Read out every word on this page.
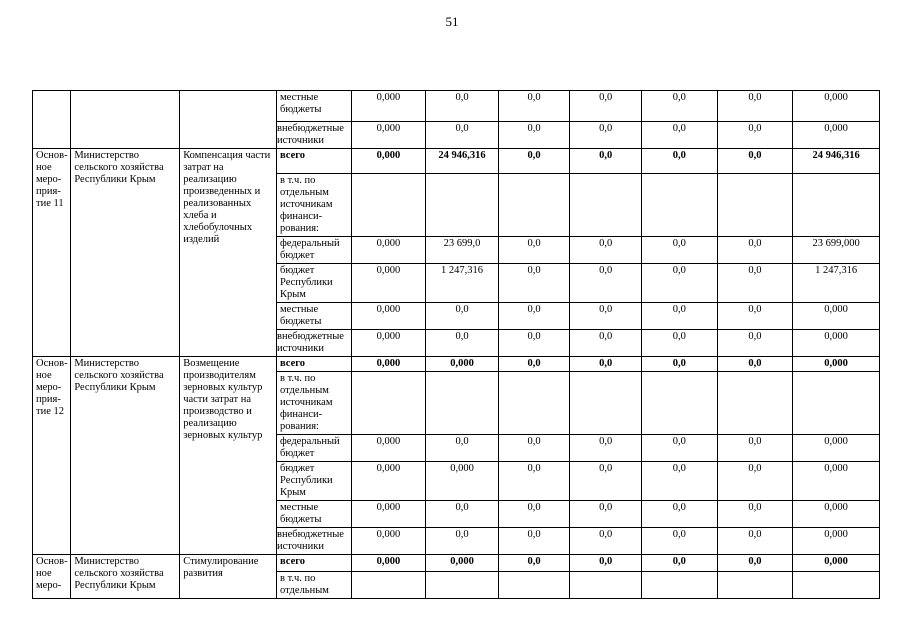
51
			местные бюджеты	0,000	0,0	0,0	0,0	0,0	0,0	0,000
			внебюджетные источники	0,000	0,0	0,0	0,0	0,0	0,0	0,000
Основ-ное меро-прия-тие 11	Министерство сельского хозяйства Республики Крым	Компенсация части затрат на реализацию произведенных и реализованных хлеба и хлебобулочных изделий	всего	0,000	24 946,316	0,0	0,0	0,0	0,0	24 946,316
			в т.ч. по отдельным источникам финанси-рования:							
			федеральный бюджет	0,000	23 699,0	0,0	0,0	0,0	0,0	23 699,000
			бюджет Республики Крым	0,000	1 247,316	0,0	0,0	0,0	0,0	1 247,316
			местные бюджеты	0,000	0,0	0,0	0,0	0,0	0,0	0,000
			внебюджетные источники	0,000	0,0	0,0	0,0	0,0	0,0	0,000
Основ-ное меро-прия-тие 12	Министерство сельского хозяйства Республики Крым	Возмещение производителям зерновых культур части затрат на производство и реализацию зерновых культур	всего	0,000	0,000	0,0	0,0	0,0	0,0	0,000
			в т.ч. по отдельным источникам финанси-рования:							
			федеральный бюджет	0,000	0,0	0,0	0,0	0,0	0,0	0,000
			бюджет Республики Крым	0,000	0,000	0,0	0,0	0,0	0,0	0,000
			местные бюджеты	0,000	0,0	0,0	0,0	0,0	0,0	0,000
			внебюджетные источники	0,000	0,0	0,0	0,0	0,0	0,0	0,000
Основ-ное меро-	Министерство сельского хозяйства Республики Крым	Стимулирование развития	всего	0,000	0,000	0,0	0,0	0,0	0,0	0,000
			в т.ч. по отдельным							
